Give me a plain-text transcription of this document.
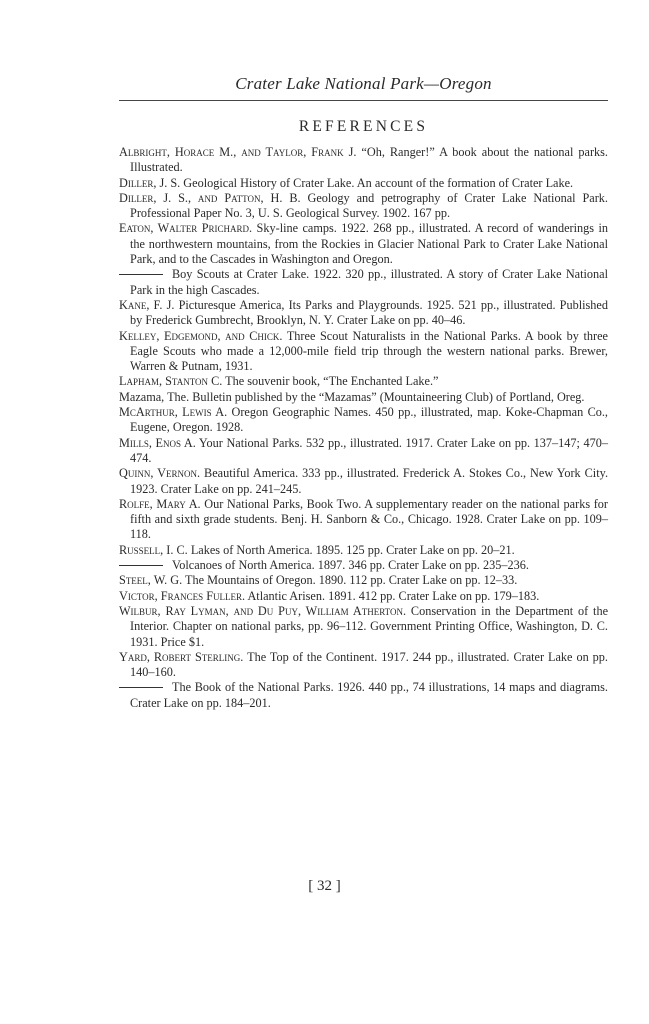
Crater Lake National Park—Oregon
REFERENCES
Albright, Horace M., and Taylor, Frank J. “Oh, Ranger!” A book about the national parks. Illustrated.
Diller, J. S. Geological History of Crater Lake. An account of the formation of Crater Lake.
Diller, J. S., and Patton, H. B. Geology and petrography of Crater Lake National Park. Professional Paper No. 3, U. S. Geological Survey. 1902. 167 pp.
Eaton, Walter Prichard. Sky-line camps. 1922. 268 pp., illustrated. A record of wanderings in the northwestern mountains, from the Rockies in Glacier National Park to Crater Lake National Park, and to the Cascades in Washington and Oregon.
Boy Scouts at Crater Lake. 1922. 320 pp., illustrated. A story of Crater Lake National Park in the high Cascades.
Kane, F. J. Picturesque America, Its Parks and Playgrounds. 1925. 521 pp., illustrated. Published by Frederick Gumbrecht, Brooklyn, N. Y. Crater Lake on pp. 40–46.
Kelley, Edgemond, and Chick. Three Scout Naturalists in the National Parks. A book by three Eagle Scouts who made a 12,000-mile field trip through the western national parks. Brewer, Warren & Putnam, 1931.
Lapham, Stanton C. The souvenir book, “The Enchanted Lake.”
Mazama, The. Bulletin published by the “Mazamas” (Mountaineering Club) of Portland, Oreg.
McArthur, Lewis A. Oregon Geographic Names. 450 pp., illustrated, map. Koke-Chapman Co., Eugene, Oregon. 1928.
Mills, Enos A. Your National Parks. 532 pp., illustrated. 1917. Crater Lake on pp. 137–147; 470–474.
Quinn, Vernon. Beautiful America. 333 pp., illustrated. Frederick A. Stokes Co., New York City. 1923. Crater Lake on pp. 241–245.
Rolfe, Mary A. Our National Parks, Book Two. A supplementary reader on the national parks for fifth and sixth grade students. Benj. H. Sanborn & Co., Chicago. 1928. Crater Lake on pp. 109–118.
Russell, I. C. Lakes of North America. 1895. 125 pp. Crater Lake on pp. 20–21.
Volcanoes of North America. 1897. 346 pp. Crater Lake on pp. 235–236.
Steel, W. G. The Mountains of Oregon. 1890. 112 pp. Crater Lake on pp. 12–33.
Victor, Frances Fuller. Atlantic Arisen. 1891. 412 pp. Crater Lake on pp. 179–183.
Wilbur, Ray Lyman, and Du Puy, William Atherton. Conservation in the Department of the Interior. Chapter on national parks, pp. 96–112. Government Printing Office, Washington, D. C. 1931. Price $1.
Yard, Robert Sterling. The Top of the Continent. 1917. 244 pp., illustrated. Crater Lake on pp. 140–160.
The Book of the National Parks. 1926. 440 pp., 74 illustrations, 14 maps and diagrams. Crater Lake on pp. 184–201.
[ 32 ]
